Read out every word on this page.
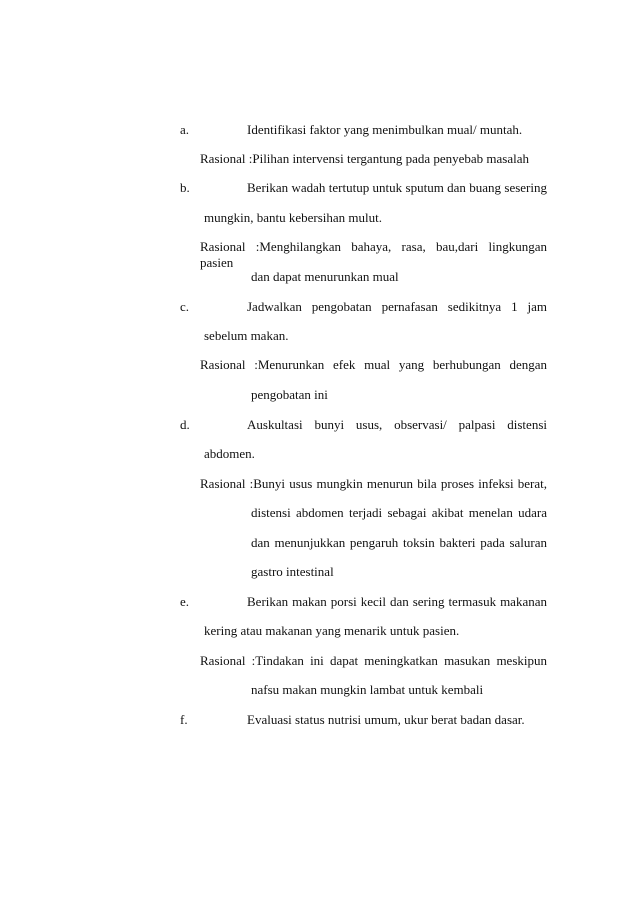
a.	Identifikasi faktor yang menimbulkan mual/ muntah.
Rasional :Pilihan intervensi tergantung pada penyebab masalah
b.	Berikan wadah tertutup untuk sputum dan buang sesering
mungkin, bantu kebersihan mulut.
Rasional :Menghilangkan bahaya, rasa, bau,dari lingkungan pasien
dan dapat menurunkan mual
c.	Jadwalkan pengobatan pernafasan sedikitnya 1 jam
sebelum makan.
Rasional :Menurunkan efek mual yang berhubungan dengan
pengobatan ini
d.	Auskultasi bunyi usus, observasi/ palpasi distensi
abdomen.
Rasional :Bunyi usus mungkin menurun bila proses infeksi berat,
distensi abdomen terjadi sebagai akibat menelan udara
dan menunjukkan pengaruh toksin bakteri pada saluran
gastro intestinal
e.	Berikan makan porsi kecil dan sering termasuk makanan
kering atau makanan yang menarik untuk pasien.
Rasional :Tindakan ini dapat meningkatkan masukan meskipun
nafsu makan mungkin lambat untuk kembali
f.	Evaluasi status nutrisi umum, ukur berat badan dasar.
